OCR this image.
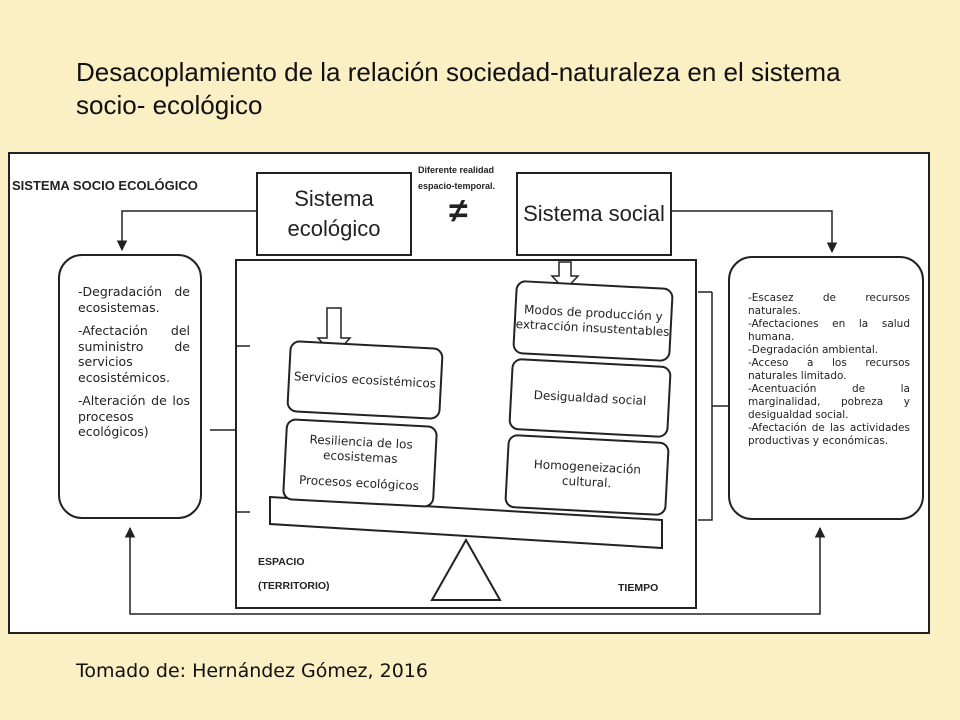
Desacoplamiento de la relación sociedad-naturaleza en el sistema socio- ecológico
SISTEMA SOCIO ECOLÓGICO
Diferente realidad espacio-temporal.
≠
Sistema ecológico
Sistema social

-Degradación de ecosistemas.

-Afectación del suministro de servicios ecosistémicos.

-Alteración de los procesos ecológicos)

-Escasez de recursos naturales.

-Afectaciones en la salud humana.

-Degradación ambiental.

-Acceso a los recursos naturales limitado.

-Acentuación de la marginalidad, pobreza y desigualdad social.

-Afectación de las actividades productivas y económicas.

Servicios ecosistémicos
Resiliencia de los ecosistemas
Procesos ecológicos
Modos de producción y extracción insustentables
Desigualdad social
Homogeneización cultural.
ESPACIO
(TERRITORIO)	TIEMPO
Tomado de: Hernández Gómez, 2016
